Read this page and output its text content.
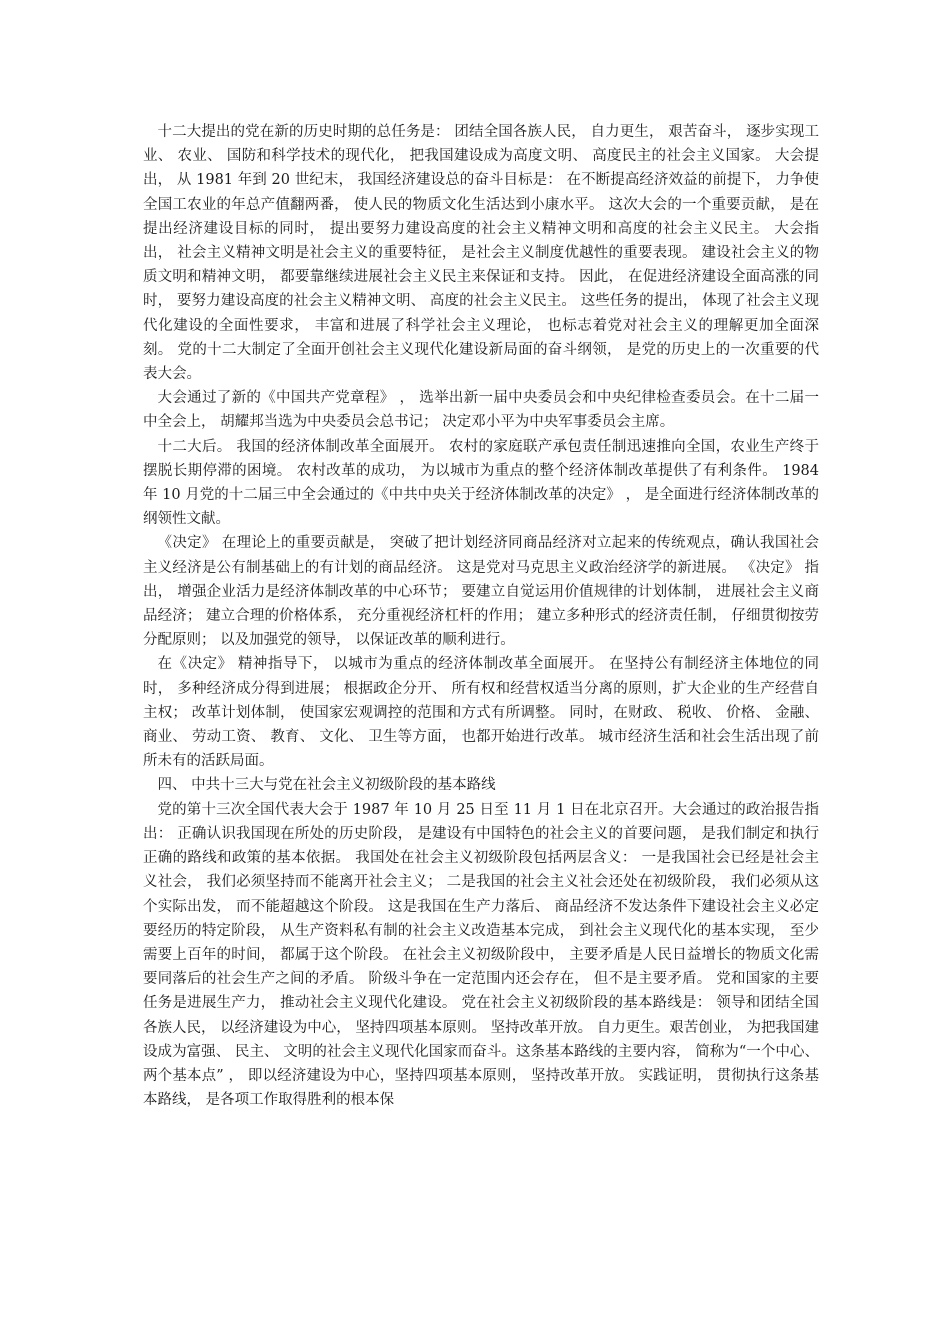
十二大提出的党在新的历史时期的总任务是： 团结全国各族人民， 自力更生， 艰苦奋斗， 逐步实现工业、 农业、 国防和科学技术的现代化， 把我国建设成为高度文明、 高度民主的社会主义国家。 大会提出， 从 1981 年到 20 世纪末， 我国经济建设总的奋斗目标是： 在不断提高经济效益的前提下， 力争使全国工农业的年总产值翻两番， 使人民的物质文化生活达到小康水平。 这次大会的一个重要贡献， 是在提出经济建设目标的同时， 提出要努力建设高度的社会主义精神文明和高度的社会主义民主。 大会指出， 社会主义精神文明是社会主义的重要特征， 是社会主义制度优越性的重要表现。 建设社会主义的物质文明和精神文明， 都要靠继续进展社会主义民主来保证和支持。 因此， 在促进经济建设全面高涨的同时， 要努力建设高度的社会主义精神文明、 高度的社会主义民主。 这些任务的提出， 体现了社会主义现代化建设的全面性要求， 丰富和进展了科学社会主义理论， 也标志着党对社会主义的理解更加全面深刻。 党的十二大制定了全面开创社会主义现代化建设新局面的奋斗纲领， 是党的历史上的一次重要的代表大会。

大会通过了新的《中国共产党章程》 ， 选举出新一届中央委员会和中央纪律检查委员会。在十二届一中全会上， 胡耀邦当选为中央委员会总书记； 决定邓小平为中央军事委员会主席。

十二大后。 我国的经济体制改革全面展开。 农村的家庭联产承包责任制迅速推向全国，农业生产终于摆脱长期停滞的困境。 农村改革的成功， 为以城市为重点的整个经济体制改革提供了有利条件。 1984 年 10 月党的十二届三中全会通过的《中共中央关于经济体制改革的决定》 ， 是全面进行经济体制改革的纲领性文献。

《决定》 在理论上的重要贡献是， 突破了把计划经济同商品经济对立起来的传统观点，确认我国社会主义经济是公有制基础上的有计划的商品经济。 这是党对马克思主义政治经济学的新进展。 《决定》 指出， 增强企业活力是经济体制改革的中心环节； 要建立自觉运用价值规律的计划体制， 进展社会主义商品经济； 建立合理的价格体系， 充分重视经济杠杆的作用； 建立多种形式的经济责任制， 仔细贯彻按劳分配原则； 以及加强党的领导， 以保证改革的顺利进行。

在《决定》 精神指导下， 以城市为重点的经济体制改革全面展开。 在坚持公有制经济主体地位的同时， 多种经济成分得到进展； 根据政企分开、 所有权和经营权适当分离的原则，扩大企业的生产经营自主权； 改革计划体制， 使国家宏观调控的范围和方式有所调整。 同时，在财政、 税收、 价格、 金融、 商业、 劳动工资、 教育、 文化、 卫生等方面， 也都开始进行改革。 城市经济生活和社会生活出现了前所未有的活跃局面。

四、 中共十三大与党在社会主义初级阶段的基本路线

党的第十三次全国代表大会于 1987 年 10 月 25 日至 11 月 1 日在北京召开。大会通过的政治报告指出： 正确认识我国现在所处的历史阶段， 是建设有中国特色的社会主义的首要问题， 是我们制定和执行正确的路线和政策的基本依据。 我国处在社会主义初级阶段包括两层含义： 一是我国社会已经是社会主义社会， 我们必须坚持而不能离开社会主义； 二是我国的社会主义社会还处在初级阶段， 我们必须从这个实际出发， 而不能超越这个阶段。 这是我国在生产力落后、 商品经济不发达条件下建设社会主义必定要经历的特定阶段， 从生产资料私有制的社会主义改造基本完成， 到社会主义现代化的基本实现， 至少需要上百年的时间， 都属于这个阶段。 在社会主义初级阶段中， 主要矛盾是人民日益增长的物质文化需要同落后的社会生产之间的矛盾。 阶级斗争在一定范围内还会存在， 但不是主要矛盾。 党和国家的主要任务是进展生产力， 推动社会主义现代化建设。 党在社会主义初级阶段的基本路线是： 领导和团结全国各族人民， 以经济建设为中心， 坚持四项基本原则。 坚持改革开放。 自力更生。艰苦创业， 为把我国建设成为富强、 民主、 文明的社会主义现代化国家而奋斗。这条基本路线的主要内容， 简称为“一个中心、 两个基本点” ， 即以经济建设为中心，坚持四项基本原则， 坚持改革开放。 实践证明， 贯彻执行这条基本路线， 是各项工作取得胜利的根本保
